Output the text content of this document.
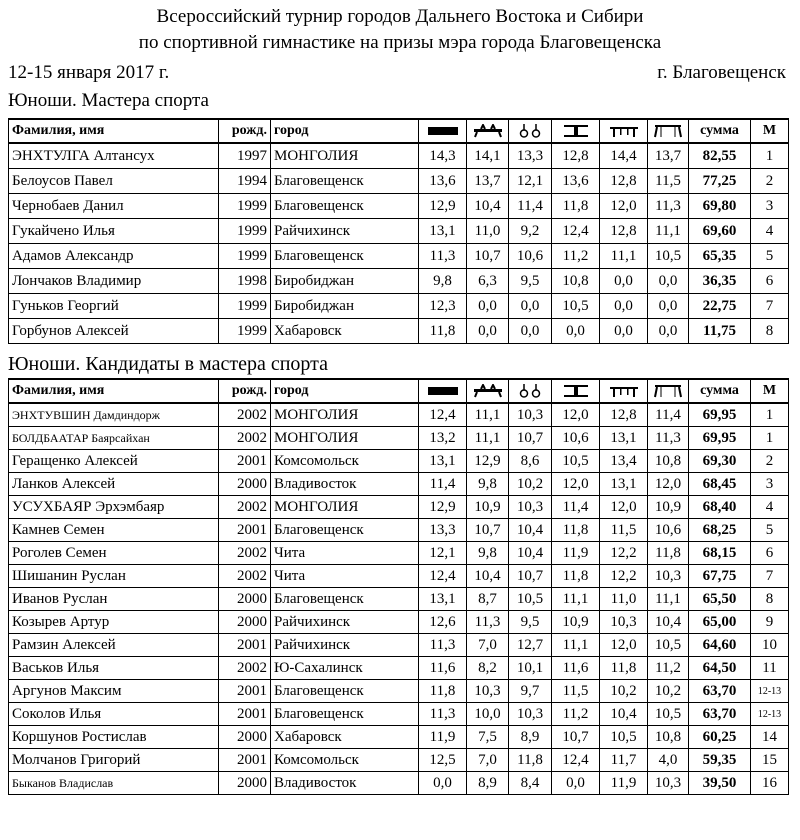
Всероссийский турнир городов Дальнего Востока и Сибири
по спортивной гимнастике на призы мэра города Благовещенска
12-15 января 2017 г.	г. Благовещенск
Юноши. Мастера спорта
Фамилия, имя	рожд.	город							сумма	М
ЭНХТУЛГА Алтансух	1997	МОНГОЛИЯ	14,3	14,1	13,3	12,8	14,4	13,7	82,55	1
Белоусов Павел	1994	Благовещенск	13,6	13,7	12,1	13,6	12,8	11,5	77,25	2
Чернобаев Данил	1999	Благовещенск	12,9	10,4	11,4	11,8	12,0	11,3	69,80	3
Гукайчено Илья	1999	Райчихинск	13,1	11,0	9,2	12,4	12,8	11,1	69,60	4
Адамов Александр	1999	Благовещенск	11,3	10,7	10,6	11,2	11,1	10,5	65,35	5
Лончаков Владимир	1998	Биробиджан	9,8	6,3	9,5	10,8	0,0	0,0	36,35	6
Гуньков Георгий	1999	Биробиджан	12,3	0,0	0,0	10,5	0,0	0,0	22,75	7
Горбунов Алексей	1999	Хабаровск	11,8	0,0	0,0	0,0	0,0	0,0	11,75	8
Юноши. Кандидаты в мастера спорта
Фамилия, имя	рожд.	город							сумма	М
ЭНХТУВШИН Дамдиндорж	2002	МОНГОЛИЯ	12,4	11,1	10,3	12,0	12,8	11,4	69,95	1
БОЛДБААТАР Баярсайхан	2002	МОНГОЛИЯ	13,2	11,1	10,7	10,6	13,1	11,3	69,95	1
Геращенко Алексей	2001	Комсомольск	13,1	12,9	8,6	10,5	13,4	10,8	69,30	2
Ланков Алексей	2000	Владивосток	11,4	9,8	10,2	12,0	13,1	12,0	68,45	3
УСУХБАЯР Эрхэмбаяр	2002	МОНГОЛИЯ	12,9	10,9	10,3	11,4	12,0	10,9	68,40	4
Камнев Семен	2001	Благовещенск	13,3	10,7	10,4	11,8	11,5	10,6	68,25	5
Роголев Семен	2002	Чита	12,1	9,8	10,4	11,9	12,2	11,8	68,15	6
Шишанин Руслан	2002	Чита	12,4	10,4	10,7	11,8	12,2	10,3	67,75	7
Иванов Руслан	2000	Благовещенск	13,1	8,7	10,5	11,1	11,0	11,1	65,50	8
Козырев Артур	2000	Райчихинск	12,6	11,3	9,5	10,9	10,3	10,4	65,00	9
Рамзин Алексей	2001	Райчихинск	11,3	7,0	12,7	11,1	12,0	10,5	64,60	10
Васьков Илья	2002	Ю-Сахалинск	11,6	8,2	10,1	11,6	11,8	11,2	64,50	11
Аргунов Максим	2001	Благовещенск	11,8	10,3	9,7	11,5	10,2	10,2	63,70	12-13
Соколов Илья	2001	Благовещенск	11,3	10,0	10,3	11,2	10,4	10,5	63,70	12-13
Коршунов Ростислав	2000	Хабаровск	11,9	7,5	8,9	10,7	10,5	10,8	60,25	14
Молчанов Григорий	2001	Комсомольск	12,5	7,0	11,8	12,4	11,7	4,0	59,35	15
Быканов Владислав	2000	Владивосток	0,0	8,9	8,4	0,0	11,9	10,3	39,50	16
